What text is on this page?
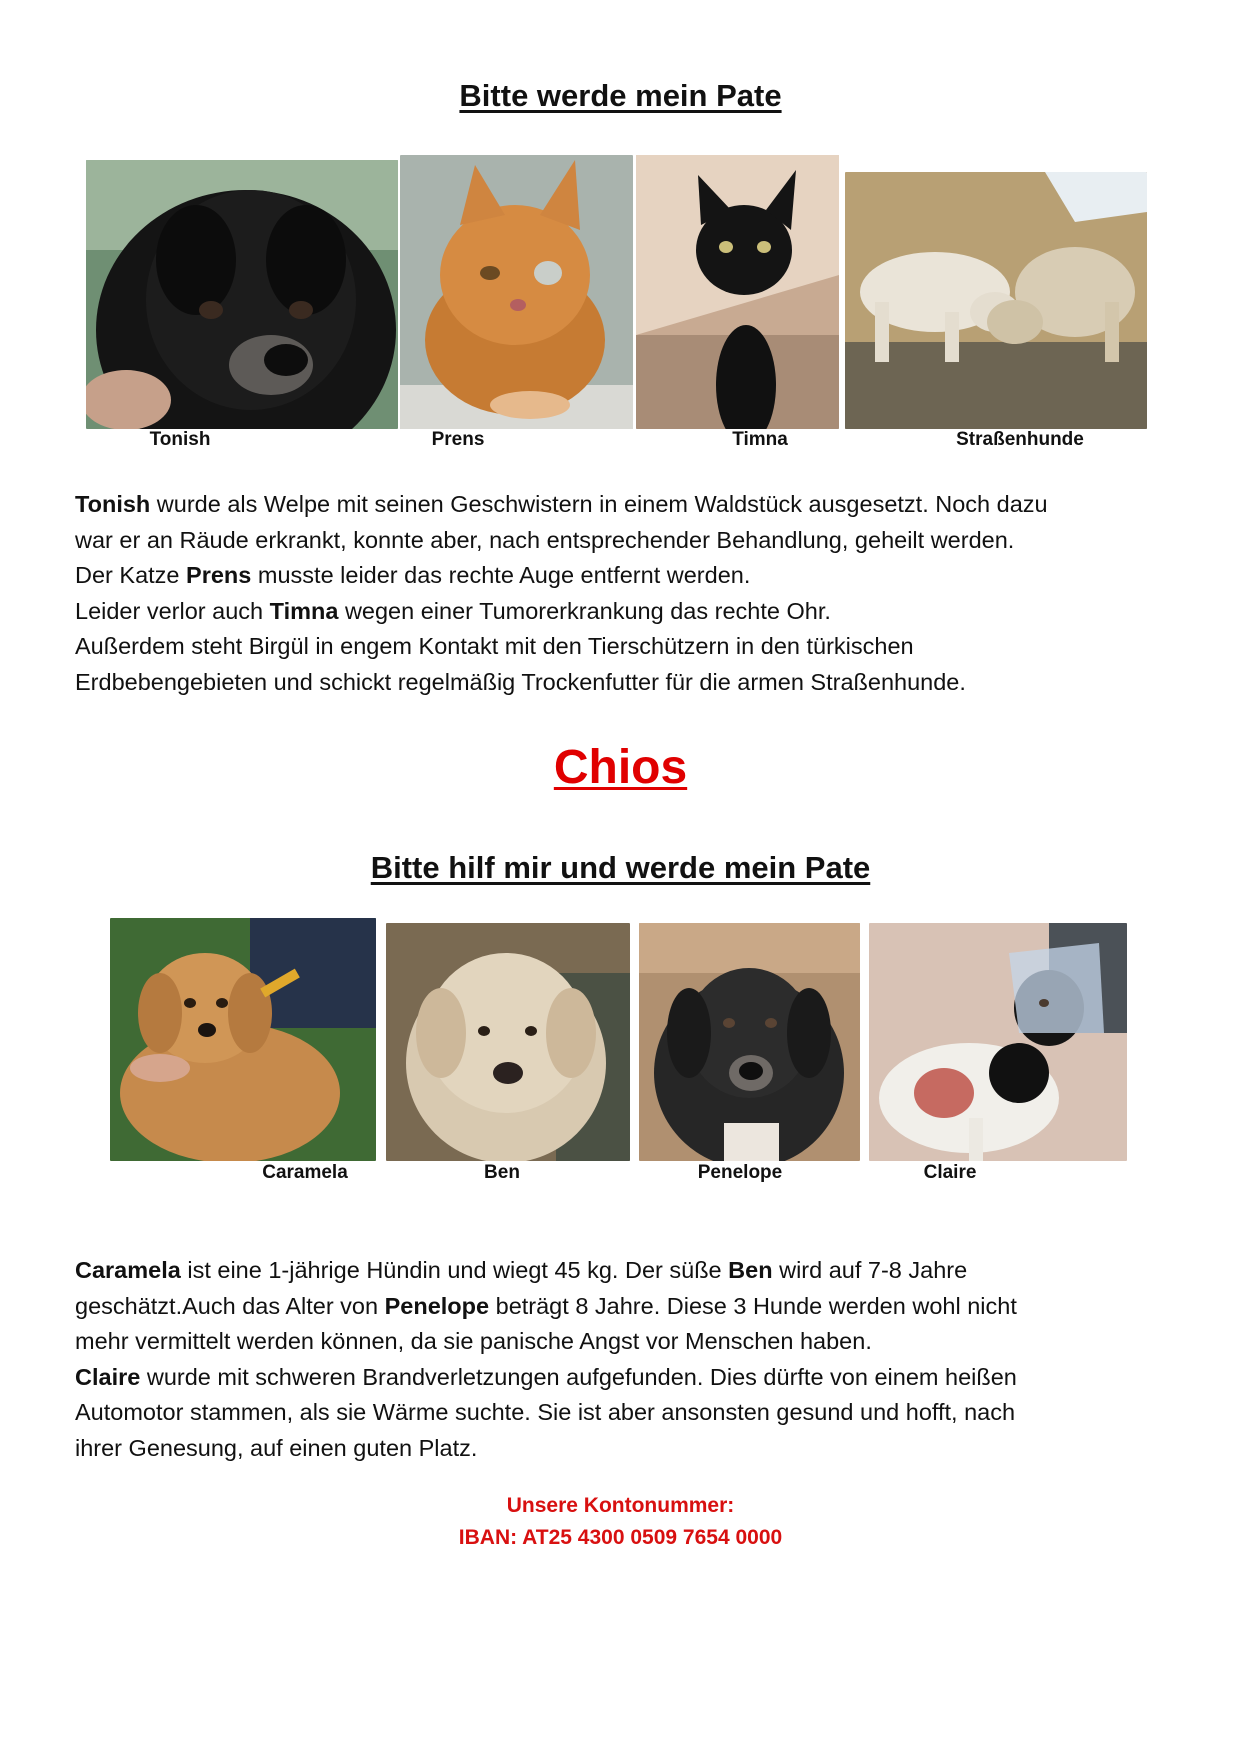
Bitte werde mein Pate
Tonish	Prens	Timna	Straßenhunde

Tonish wurde als Welpe mit seinen Geschwistern in einem Waldstück ausgesetzt. Noch dazu

war er an Räude erkrankt, konnte aber, nach entsprechender Behandlung, geheilt werden.

Der Katze Prens musste leider das rechte Auge entfernt werden.

Leider verlor auch Timna wegen einer Tumorerkrankung das rechte Ohr.

Außerdem steht Birgül in engem Kontakt mit den Tierschützern in den türkischen

Erdbebengebieten und schickt regelmäßig Trockenfutter für die armen Straßenhunde.

Chios
Bitte hilf mir und werde mein Pate
Caramela	Ben	Penelope	Claire

Caramela ist eine 1-jährige Hündin und wiegt 45 kg. Der süße Ben wird auf 7-8 Jahre

geschätzt.Auch das Alter von Penelope beträgt 8 Jahre. Diese 3 Hunde werden wohl nicht

mehr vermittelt werden können, da sie panische Angst vor Menschen haben.

Claire wurde mit schweren Brandverletzungen aufgefunden. Dies dürfte von einem heißen

Automotor stammen, als sie Wärme suchte. Sie ist aber ansonsten gesund und hofft, nach

ihrer Genesung, auf einen guten Platz.

Unsere Kontonummer:
IBAN: AT25 4300 0509 7654 0000
